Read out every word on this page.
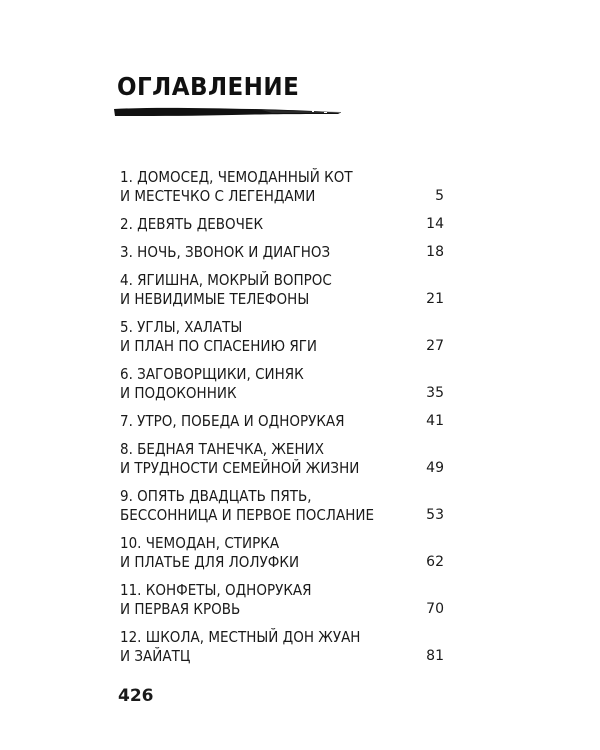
ОГЛАВЛЕНИЕ
1. ДОМОСЕД, ЧЕМОДАННЫЙ КОТ
И МЕСТЕЧКО С ЛЕГЕНДАМИ	5
2. ДЕВЯТЬ ДЕВОЧЕК	14
3. НОЧЬ, ЗВОНОК И ДИАГНОЗ	18
4. ЯГИШНА, МОКРЫЙ ВОПРОС
И НЕВИДИМЫЕ ТЕЛЕФОНЫ	21
5. УГЛЫ, ХАЛАТЫ
И ПЛАН ПО СПАСЕНИЮ ЯГИ	27
6. ЗАГОВОРЩИКИ, СИНЯК
И ПОДОКОННИК	35
7. УТРО, ПОБЕДА И ОДНОРУКАЯ	41
8. БЕДНАЯ ТАНЕЧКА, ЖЕНИХ
И ТРУДНОСТИ СЕМЕЙНОЙ ЖИЗНИ	49
9. ОПЯТЬ ДВАДЦАТЬ ПЯТЬ,
БЕССОННИЦА И ПЕРВОЕ ПОСЛАНИЕ	53
10. ЧЕМОДАН, СТИРКА
И ПЛАТЬЕ ДЛЯ ЛОЛУФКИ	62
11. КОНФЕТЫ, ОДНОРУКАЯ
И ПЕРВАЯ КРОВЬ	70
12. ШКОЛА, МЕСТНЫЙ ДОН ЖУАН
И ЗАЙАТЦ	81
426
